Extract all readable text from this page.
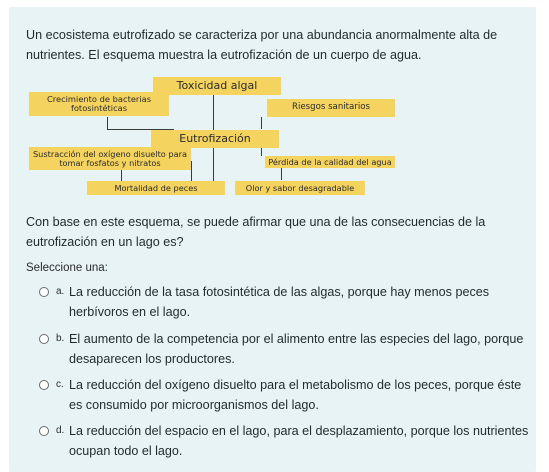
Un ecosistema eutrofizado se caracteriza por una abundancia anormalmente alta de nutrientes. El esquema muestra la eutrofización de un cuerpo de agua.
Toxicidad algal
Crecimiento de bacterias fotosintéticas	Riesgos sanitarios
Eutrofización
Sustracción del oxígeno disuelto para tomar fosfatos y nitratos	Pérdida de la calidad del agua
Mortalidad de peces	Olor y sabor desagradable
Con base en este esquema, se puede afirmar que una de las consecuencias de la eutrofización en un lago es?
Seleccione una:
a. La reducción de la tasa fotosintética de las algas, porque hay menos peces herbívoros en el lago.
b. El aumento de la competencia por el alimento entre las especies del lago, porque desaparecen los productores.
c. La reducción del oxígeno disuelto para el metabolismo de los peces, porque éste es consumido por microorganismos del lago.
d. La reducción del espacio en el lago, para el desplazamiento, porque los nutrientes ocupan todo el lago.
